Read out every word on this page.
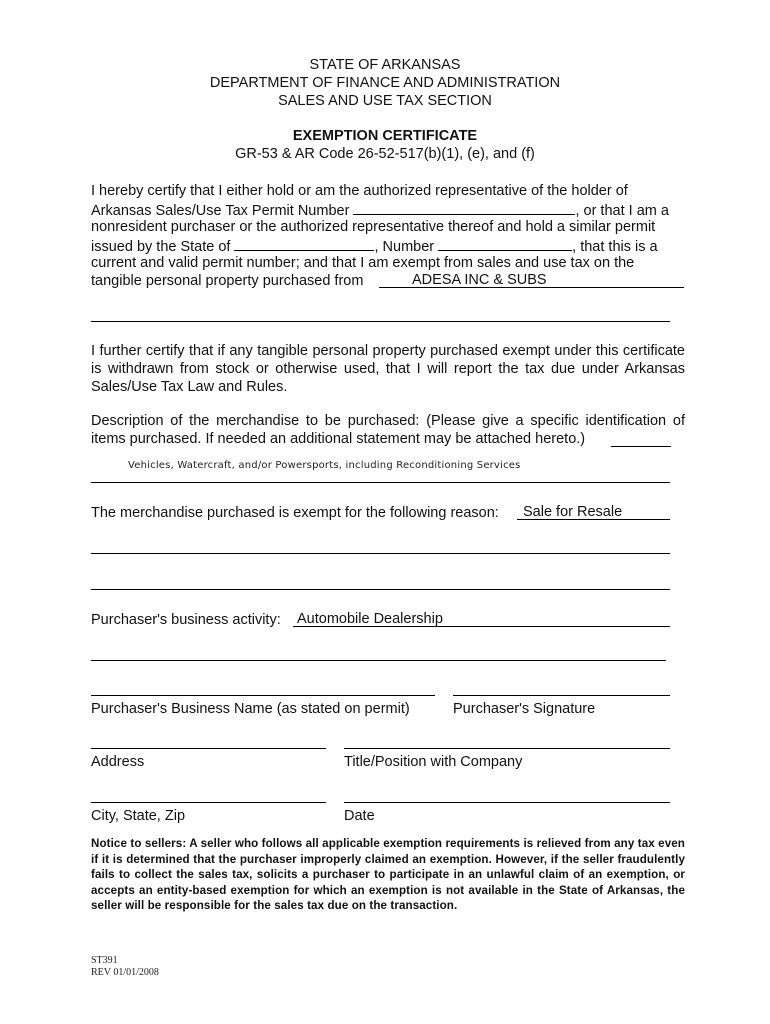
STATE OF ARKANSAS
DEPARTMENT OF FINANCE AND ADMINISTRATION
SALES AND USE TAX SECTION
EXEMPTION CERTIFICATE
GR-53 & AR Code 26-52-517(b)(1), (e), and (f)
I hereby certify that I either hold or am the authorized representative of the holder of
Arkansas Sales/Use Tax Permit Number	, or that I am a
nonresident purchaser or the authorized representative thereof and hold a similar permit
issued by the State of	, Number	, that this is a
current and valid permit number; and that I am exempt from sales and use tax on the
tangible personal property purchased from	ADESA INC & SUBS

I further certify that if any tangible personal property purchased exempt under this certificate is withdrawn from stock or otherwise used, that I will report the tax due under Arkansas Sales/Use Tax Law and Rules.

Description of the merchandise to be purchased: (Please give a specific identification of items purchased. If needed an additional statement may be attached hereto.)

Vehicles, Watercraft, and/or Powersports, including Reconditioning Services
The merchandise purchased is exempt for the following reason: Sale for Resale
Purchaser's business activity: Automobile Dealership
Purchaser's Business Name (as stated on permit)	Purchaser's Signature
Address	Title/Position with Company
City, State, Zip	Date

Notice to sellers: A seller who follows all applicable exemption requirements is relieved from any tax even if it is determined that the purchaser improperly claimed an exemption. However, if the seller fraudulently fails to collect the sales tax, solicits a purchaser to participate in an unlawful claim of an exemption, or accepts an entity-based exemption for which an exemption is not available in the State of Arkansas, the seller will be responsible for the sales tax due on the transaction.

ST391
REV 01/01/2008
